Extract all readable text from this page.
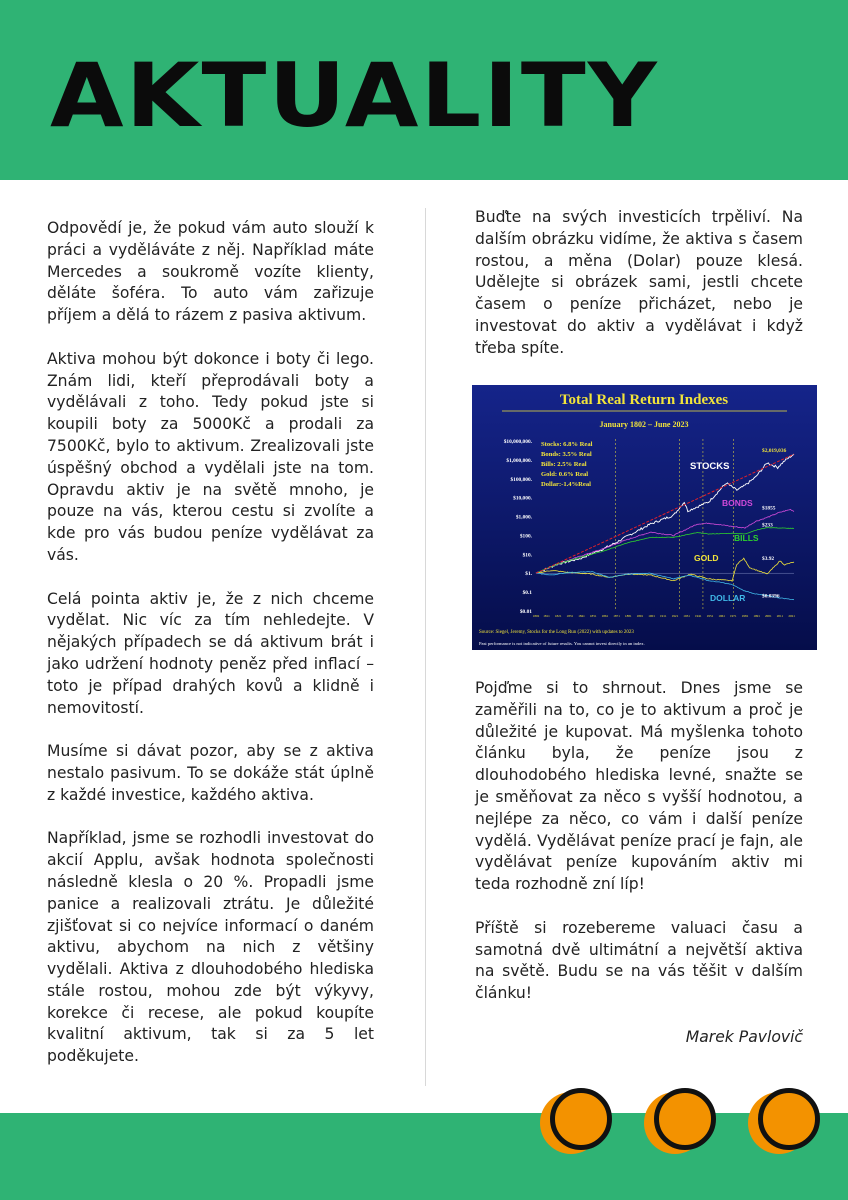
AKTUALITY

Odpovědí je, že pokud vám auto slouží k práci a vyděláváte z něj. Například máte Mercedes a soukromě vozíte klienty, děláte šoféra. To auto vám zařizuje příjem a dělá to rázem z pasiva aktivum.

Aktiva mohou být dokonce i boty či lego. Znám lidi, kteří přeprodávali boty a vydělávali z toho. Tedy pokud jste si koupili boty za 5000Kč a prodali za 7500Kč, bylo to aktivum. Zrealizovali jste úspěšný obchod a vydělali jste na tom. Opravdu aktiv je na světě mnoho, je pouze na vás, kterou cestu si zvolíte a kde pro vás budou peníze vydělávat za vás.

Celá pointa aktiv je, že z nich chceme vydělat. Nic víc za tím nehledejte. V nějakých případech se dá aktivum brát i jako udržení hodnoty peněz před inflací – toto je případ drahých kovů a klidně i nemovitostí.

Musíme si dávat pozor, aby se z aktiva nestalo pasivum. To se dokáže stát úplně z každé investice, každého aktiva.

Například, jsme se rozhodli investovat do akcií Applu, avšak hodnota společnosti následně klesla o 20 %. Propadli jsme panice a realizovali ztrátu. Je důležité zjišťovat si co nejvíce informací o daném aktivu, abychom na nich z většiny vydělali. Aktiva z dlouhodobého hlediska stále rostou, mohou zde být výkyvy, korekce či recese, ale pokud koupíte kvalitní aktivum, tak si za 5 let poděkujete.

Buďte na svých investicích trpěliví. Na dalším obrázku vidíme, že aktiva s časem rostou, a měna (Dolar) pouze klesá. Udělejte si obrázek sami, jestli chcete časem o peníze přicházet, nebo je investovat do aktiv a vydělávat i když třeba spíte.

Total Real Return Indexes
January 1802 – June 2023
$10,000,000.
$1,000,000.
$100,000.
$10,000.
$1,000.
$100.
$10.
$1.
$0.1
$0.01
1802 1811 1821 1831 1841 1851 1861 1871 1881 1891 1901 1911 1921 1931 1941 1951 1961 1971 1981 1991 2001 2011 2021
Stocks: 6.8% Real
Bonds: 3.5% Real
Bills: 2.5% Real
Gold: 0.6% Real
Dollar:-1.4%Real
STOCKS
$2,019,036
BONDS
$1855
BILLS
$233
GOLD	$3.92
DOLLAR	$0.0396
Source: Siegel, Jeremy, Stocks for the Long Run (2022) with updates to 2023
Past performance is not indicative of future results. You cannot invest directly in an index.

Pojďme si to shrnout. Dnes jsme se zaměřili na to, co je to aktivum a proč je důležité je kupovat. Má myšlenka tohoto článku byla, že peníze jsou z dlouhodobého hlediska levné, snažte se je směňovat za něco s vyšší hodnotou, a nejlépe za něco, co vám i další peníze vydělá. Vydělávat peníze prací je fajn, ale vydělávat peníze kupováním aktiv mi teda rozhodně zní líp!

Příště si rozebereme valuaci času a samotná dvě ultimátní a největší aktiva na světě. Budu se na vás těšit v dalším článku!

Marek Pavlovič
